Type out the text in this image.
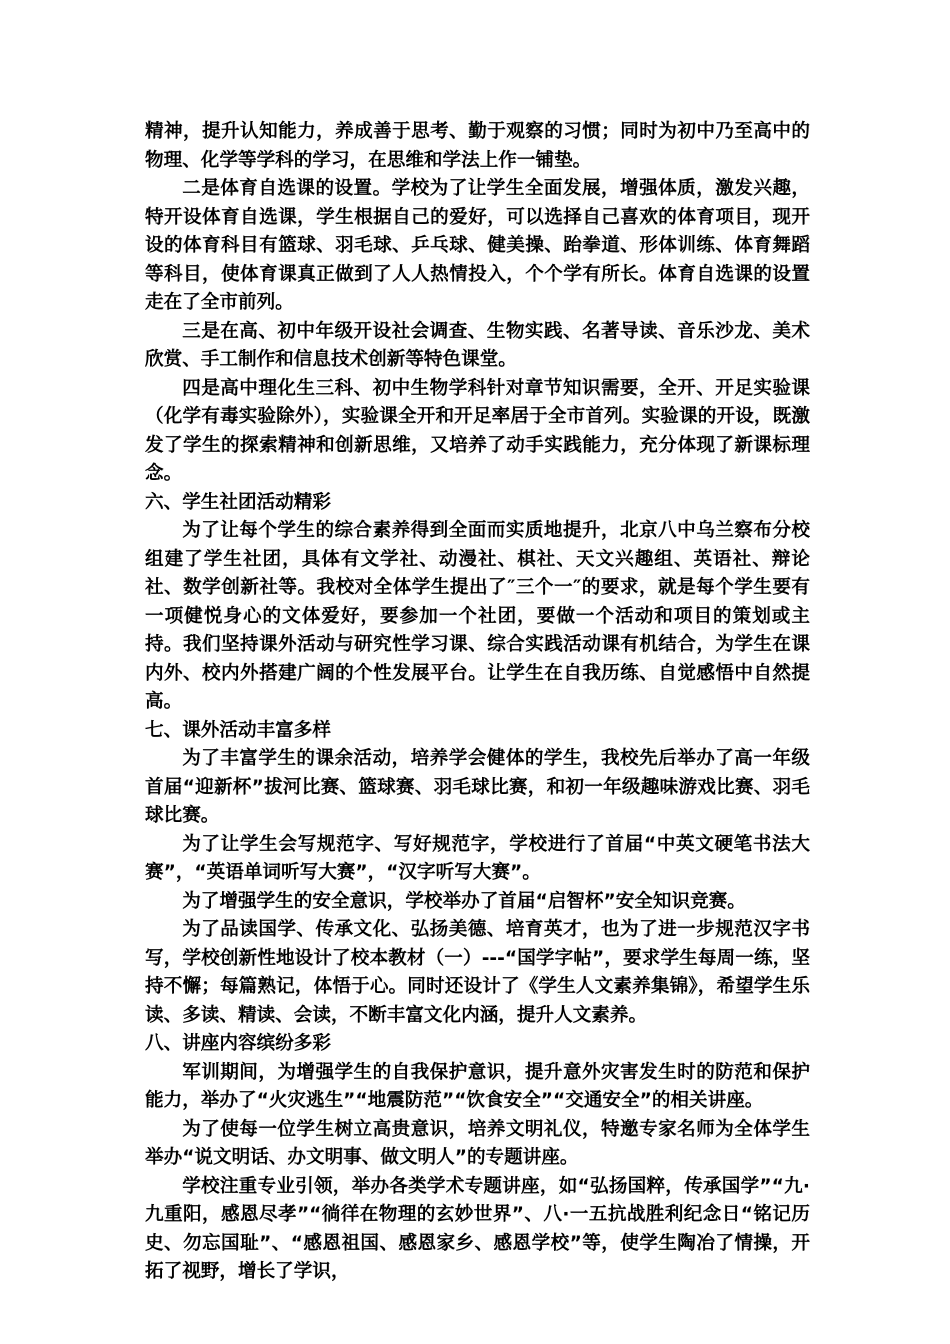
精神，提升认知能力，养成善于思考、勤于观察的习惯；同时为初中乃至高中的物理、化学等学科的学习，在思维和学法上作一铺垫。

二是体育自选课的设置。学校为了让学生全面发展，增强体质，激发兴趣，特开设体育自选课，学生根据自己的爱好，可以选择自己喜欢的体育项目，现开设的体育科目有篮球、羽毛球、乒乓球、健美操、跆拳道、形体训练、体育舞蹈等科目，使体育课真正做到了人人热情投入，个个学有所长。体育自选课的设置走在了全市前列。

三是在高、初中年级开设社会调查、生物实践、名著导读、音乐沙龙、美术欣赏、手工制作和信息技术创新等特色课堂。

四是高中理化生三科、初中生物学科针对章节知识需要，全开、开足实验课（化学有毒实验除外），实验课全开和开足率居于全市首列。实验课的开设，既激发了学生的探索精神和创新思维，又培养了动手实践能力，充分体现了新课标理念。

六、学生社团活动精彩

为了让每个学生的综合素养得到全面而实质地提升，北京八中乌兰察布分校组建了学生社团，具体有文学社、动漫社、棋社、天文兴趣组、英语社、辩论社、数学创新社等。我校对全体学生提出了″三个一″的要求，就是每个学生要有一项健悦身心的文体爱好，要参加一个社团，要做一个活动和项目的策划或主持。我们坚持课外活动与研究性学习课、综合实践活动课有机结合，为学生在课内外、校内外搭建广阔的个性发展平台。让学生在自我历练、自觉感悟中自然提高。

七、课外活动丰富多样

为了丰富学生的课余活动，培养学会健体的学生，我校先后举办了高一年级首届“迎新杯”拔河比赛、篮球赛、羽毛球比赛，和初一年级趣味游戏比赛、羽毛球比赛。

为了让学生会写规范字、写好规范字，学校进行了首届“中英文硬笔书法大赛”，“英语单词听写大赛”，“汉字听写大赛”。

为了增强学生的安全意识，学校举办了首届“启智杯”安全知识竞赛。

为了品读国学、传承文化、弘扬美德、培育英才，也为了进一步规范汉字书写，学校创新性地设计了校本教材（一）---“国学字帖”，要求学生每周一练，坚持不懈；每篇熟记，体悟于心。同时还设计了《学生人文素养集锦》，希望学生乐读、多读、精读、会读，不断丰富文化内涵，提升人文素养。

八、讲座内容缤纷多彩

军训期间，为增强学生的自我保护意识，提升意外灾害发生时的防范和保护能力，举办了“火灾逃生”“地震防范”“饮食安全”“交通安全”的相关讲座。

为了使每一位学生树立高贵意识，培养文明礼仪，特邀专家名师为全体学生举办“说文明话、办文明事、做文明人”的专题讲座。

学校注重专业引领，举办各类学术专题讲座，如“弘扬国粹，传承国学”“九·九重阳，感恩尽孝”“徜徉在物理的玄妙世界”、八·一五抗战胜利纪念日“铭记历史、勿忘国耻”、“感恩祖国、感恩家乡、感恩学校”等，使学生陶冶了情操，开拓了视野，增长了学识，
